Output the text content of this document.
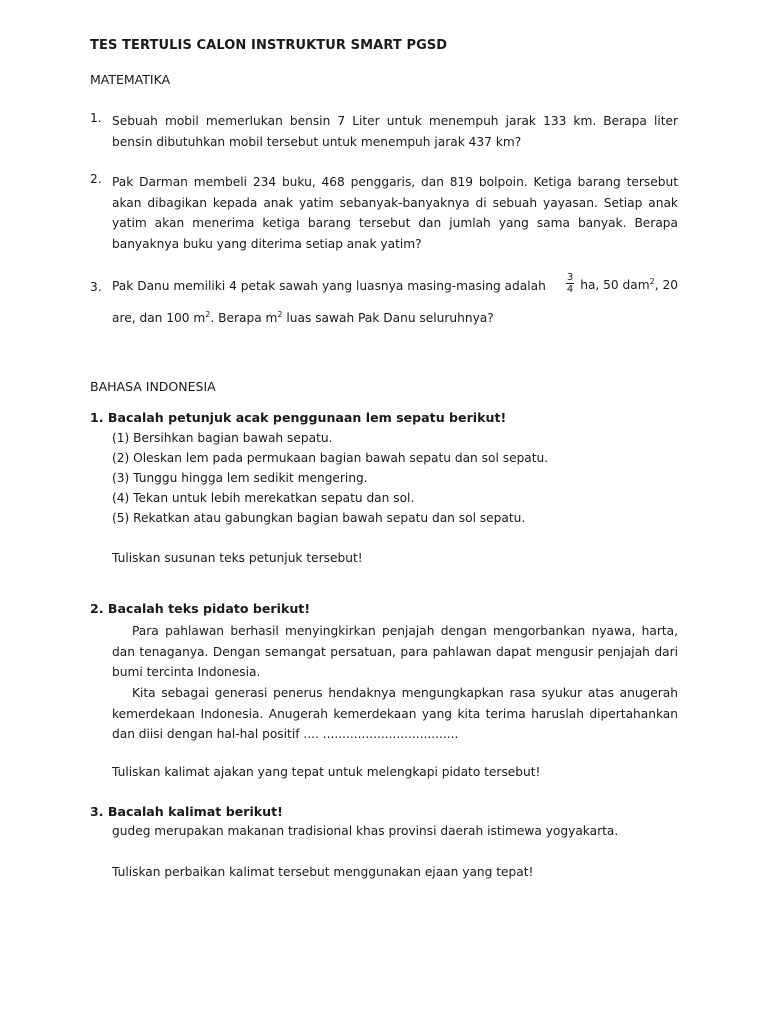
TES TERTULIS CALON INSTRUKTUR SMART PGSD
MATEMATIKA
1. Sebuah mobil memerlukan bensin 7 Liter untuk menempuh jarak 133 km. Berapa liter bensin dibutuhkan mobil tersebut untuk menempuh jarak 437 km?
2. Pak Darman membeli 234 buku, 468 penggaris, dan 819 bolpoin. Ketiga barang tersebut akan dibagikan kepada anak yatim sebanyak-banyaknya di sebuah yayasan. Setiap anak yatim akan menerima ketiga barang tersebut dan jumlah yang sama banyak. Berapa banyaknya buku yang diterima setiap anak yatim?
3. Pak Danu memiliki 4 petak sawah yang luasnya masing-masing adalah $\frac{3}{4}$ ha, 50 dam$^2$, 20
are, dan 100 $m^2$. Berapa $m^2$ luas sawah Pak Danu seluruhnya?
BAHASA INDONESIA
1. Bacalah petunjuk acak penggunaan lem sepatu berikut!
(1) Bersihkan bagian bawah sepatu.
(2) Oleskan lem pada permukaan bagian bawah sepatu dan sol sepatu.
(3) Tunggu hingga lem sedikit mengering.
(4) Tekan untuk lebih merekatkan sepatu dan sol.
(5) Rekatkan atau gabungkan bagian bawah sepatu dan sol sepatu.
Tuliskan susunan teks petunjuk tersebut!
2. Bacalah teks pidato berikut!
Para pahlawan berhasil menyingkirkan penjajah dengan mengorbankan nyawa, harta, dan tenaganya. Dengan semangat persatuan, para pahlawan dapat mengusir penjajah dari bumi tercinta Indonesia.
Kita sebagai generasi penerus hendaknya mengungkapkan rasa syukur atas anugerah kemerdekaan Indonesia. Anugerah kemerdekaan yang kita terima haruslah dipertahankan dan diisi dengan hal-hal positif .... ...................................
Tuliskan kalimat ajakan yang tepat untuk melengkapi pidato tersebut!
3. Bacalah kalimat berikut!
gudeg merupakan makanan tradisional khas provinsi daerah istimewa yogyakarta.
Tuliskan perbaikan kalimat tersebut menggunakan ejaan yang tepat!
